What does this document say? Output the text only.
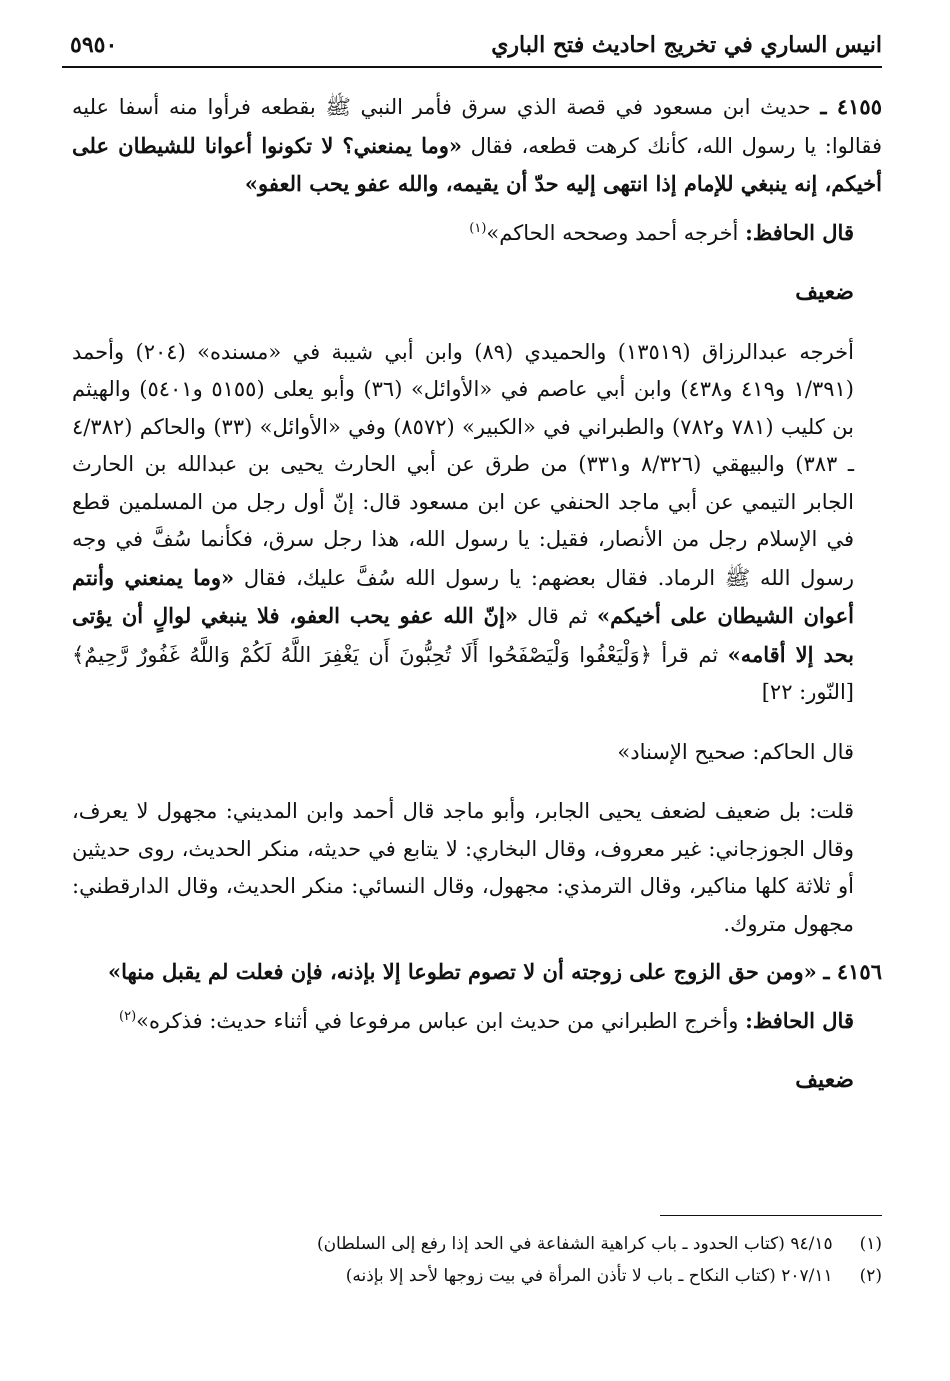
انيس الساري في تخريج احاديث فتح الباري
٥٩٥٠

٤١٥٥ ـ حديث ابن مسعود في قصة الذي سرق فأمر النبي ﷺ بقطعه فرأوا منه أسفا عليه فقالوا: يا رسول الله، كأنك كرهت قطعه، فقال «وما يمنعني؟ لا تكونوا أعوانا للشيطان على أخيكم، إنه ينبغي للإمام إذا انتهى إليه حدّ أن يقيمه، والله عفو يحب العفو»

قال الحافظ: أخرجه أحمد وصححه الحاكم»$^{(١)}$

ضعيف

أخرجه عبدالرزاق (١٣٥١٩) والحميدي (٨٩) وابن أبي شيبة في «مسنده» (٢٠٤) وأحمد (١/٣٩١ و٤١٩ و٤٣٨) وابن أبي عاصم في «الأوائل» (٣٦) وأبو يعلى (٥١٥٥ و٥٤٠١) والهيثم بن كليب (٧٨١ و٧٨٢) والطبراني في «الكبير» (٨٥٧٢) وفي «الأوائل» (٣٣) والحاكم (٤/٣٨٢ ـ ٣٨٣) والبيهقي (٨/٣٢٦ و٣٣١) من طرق عن أبي الحارث يحيى بن عبدالله بن الحارث الجابر التيمي عن أبي ماجد الحنفي عن ابن مسعود قال: إنّ أول رجل من المسلمين قطع في الإسلام رجل من الأنصار، فقيل: يا رسول الله، هذا رجل سرق، فكأنما سُفَّ في وجه رسول الله ﷺ الرماد. فقال بعضهم: يا رسول الله سُفَّ عليك، فقال «وما يمنعني وأنتم أعوان الشيطان على أخيكم» ثم قال «إنّ الله عفو يحب العفو، فلا ينبغي لوالٍ أن يؤتى بحد إلا أقامه» ثم قرأ ﴿وَلْيَعْفُوا وَلْيَصْفَحُوا أَلَا تُحِبُّونَ أَن يَغْفِرَ اللَّهُ لَكُمْ وَاللَّهُ غَفُورٌ رَّحِيمٌ﴾ [النّور: ٢٢]

قال الحاكم: صحيح الإسناد»

قلت: بل ضعيف لضعف يحيى الجابر، وأبو ماجد قال أحمد وابن المديني: مجهول لا يعرف، وقال الجوزجاني: غير معروف، وقال البخاري: لا يتابع في حديثه، منكر الحديث، روى حديثين أو ثلاثة كلها مناكير، وقال الترمذي: مجهول، وقال النسائي: منكر الحديث، وقال الدارقطني: مجهول متروك.

٤١٥٦ ـ «ومن حق الزوج على زوجته أن لا تصوم تطوعا إلا بإذنه، فإن فعلت لم يقبل منها»

قال الحافظ: وأخرج الطبراني من حديث ابن عباس مرفوعا في أثناء حديث: فذكره»$^{(٢)}$

ضعيف

(١) ٩٤/١٥ (كتاب الحدود ـ باب كراهية الشفاعة في الحد إذا رفع إلى السلطان)
(٢) ٢٠٧/١١ (كتاب النكاح ـ باب لا تأذن المرأة في بيت زوجها لأحد إلا بإذنه)
